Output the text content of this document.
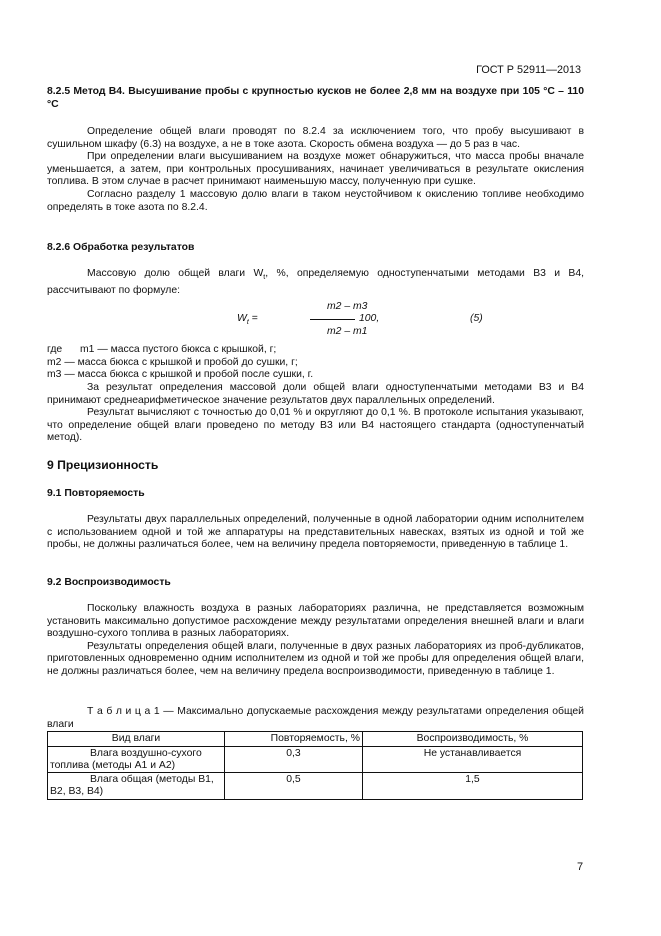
ГОСТ Р 52911—2013
8.2.5 Метод В4. Высушивание пробы с крупностью кусков не более 2,8 мм на воздухе при 105 °С – 110 °С

Определение общей влаги проводят по 8.2.4 за исключением того, что пробу высушивают в сушильном шкафу (6.3) на воздухе, а не в токе азота. Скорость обмена воздуха — до 5 раз в час.

При определении влаги высушиванием на воздухе может обнаружиться, что масса пробы вначале уменьшается, а затем, при контрольных просушиваниях, начинает увеличиваться в результате окисления топлива. В этом случае в расчет принимают наименьшую массу, полученную при сушке.

Согласно разделу 1 массовую долю влаги в таком неустойчивом к окислению топливе необходимо определять в токе азота по 8.2.4.

8.2.6 Обработка результатов

Массовую долю общей влаги $W_t$, %, определяемую одноступенчатыми методами В3 и В4, рассчитывают по формуле:

$W_t$ =
m2 – m3
100,
m2 – m1
(5)
где m1 — масса пустого бюкса с крышкой, г;
m2 — масса бюкса с крышкой и пробой до сушки, г;
m3 — масса бюкса с крышкой и пробой после сушки, г.

За результат определения массовой доли общей влаги одноступенчатыми методами В3 и В4 принимают среднеарифметическое значение результатов двух параллельных определений.

Результат вычисляют с точностью до 0,01 % и округляют до 0,1 %. В протоколе испытания указывают, что определение общей влаги проведено по методу В3 или В4 настоящего стандарта (одноступенчатый метод).

9 Прецизионность
9.1 Повторяемость

Результаты двух параллельных определений, полученные в одной лаборатории одним исполнителем с использованием одной и той же аппаратуры на представительных навесках, взятых из одной и той же пробы, не должны различаться более, чем на величину предела повторяемости, приведенную в таблице 1.

9.2 Воспроизводимость

Поскольку влажность воздуха в разных лабораториях различна, не представляется возможным установить максимально допустимое расхождение между результатами определения внешней влаги и влаги воздушно-сухого топлива в разных лабораториях.

Результаты определения общей влаги, полученные в двух разных лабораториях из проб-дубликатов, приготовленных одновременно одним исполнителем из одной и той же пробы для определения общей влаги, не должны различаться более, чем на величину предела воспроизводимости, приведенную в таблице 1.

Т а б л и ц а 1 — Максимально допускаемые расхождения между результатами определения общей влаги

Вид влаги	Повторяемость, %	Воспроизводимость, %
Влага воздушно-сухого топлива (методы А1 и А2)	0,3	Не устанавливается
Влага общая (методы В1, В2, В3, В4)	0,5	1,5
7
